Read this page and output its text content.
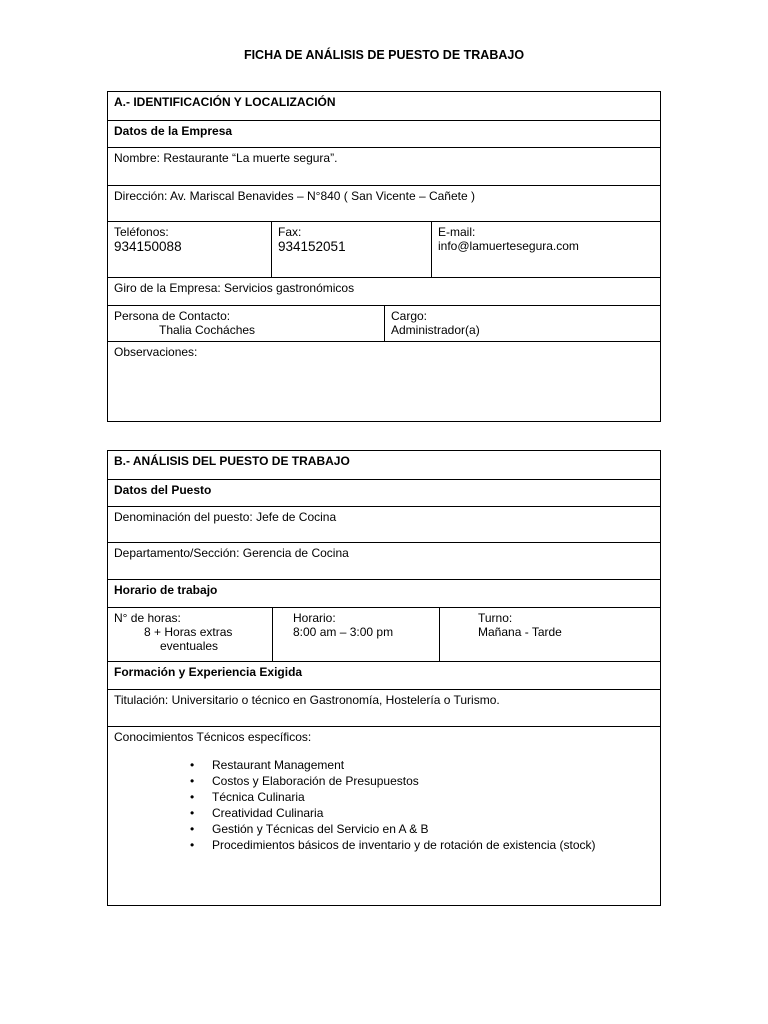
FICHA DE ANÁLISIS DE PUESTO DE TRABAJO
A.- IDENTIFICACIÓN Y LOCALIZACIÓN
Datos de la Empresa
Nombre: Restaurante “La muerte segura”.
Dirección: Av. Mariscal Benavides – N°840 ( San Vicente – Cañete )
Teléfonos:
934150088
Fax:
934152051
E-mail:
info@lamuertesegura.com
Giro de la Empresa: Servicios gastronómicos
Persona de Contacto:
Thalia Cocháches
Cargo:
Administrador(a)
Observaciones:
B.- ANÁLISIS DEL PUESTO DE TRABAJO
Datos del Puesto
Denominación del puesto: Jefe de Cocina
Departamento/Sección: Gerencia de Cocina
Horario de trabajo
N° de horas:
8 + Horas extras
eventuales
Horario:
8:00 am – 3:00 pm
Turno:
Mañana - Tarde
Formación y Experiencia Exigida
Titulación: Universitario o técnico en Gastronomía, Hostelería o Turismo.
Conocimientos Técnicos específicos:
• Restaurant Management
• Costos y Elaboración de Presupuestos
• Técnica Culinaria
• Creatividad Culinaria
• Gestión y Técnicas del Servicio en A & B
• Procedimientos básicos de inventario y de rotación de existencia (stock)
